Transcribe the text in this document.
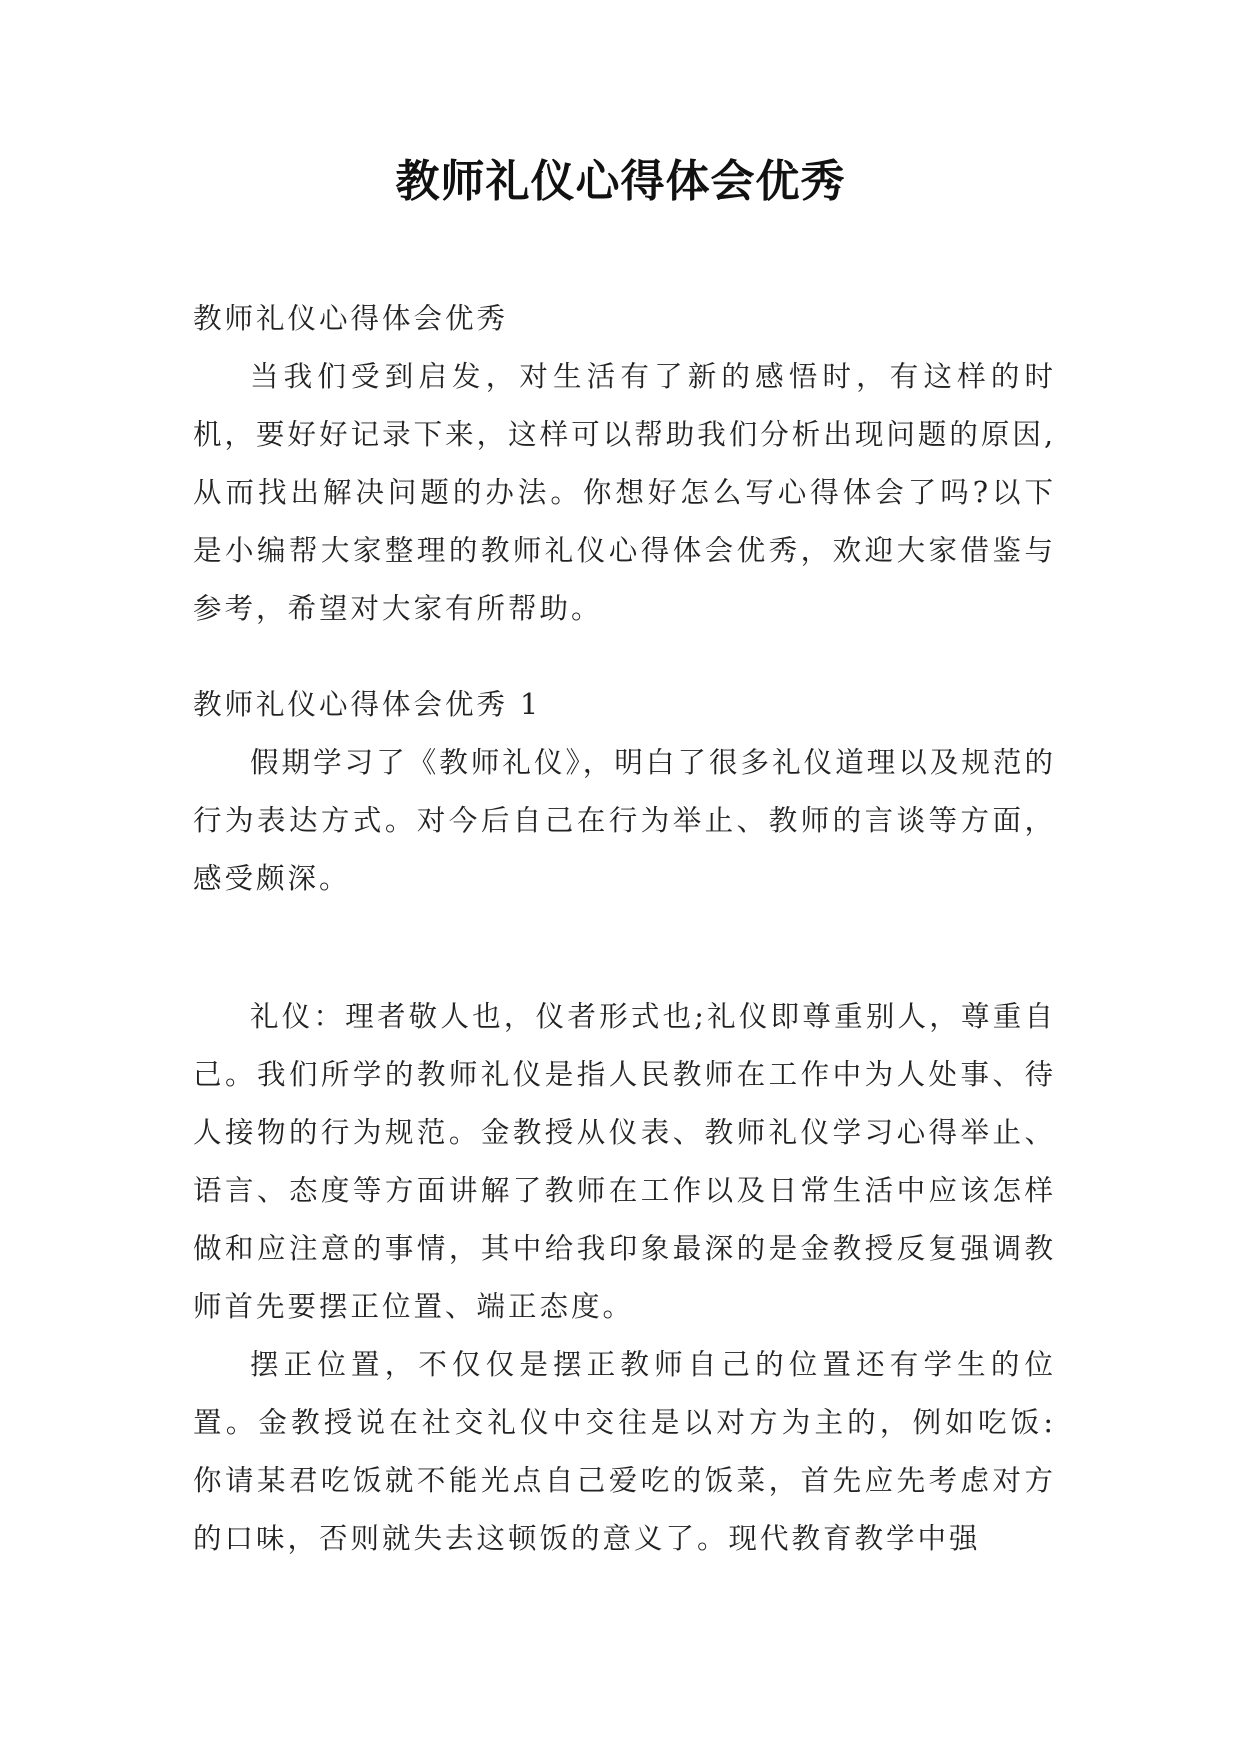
教师礼仪心得体会优秀

教师礼仪心得体会优秀

当我们受到启发，对生活有了新的感悟时，有这样的时机，要好好记录下来，这样可以帮助我们分析出现问题的原因,从而找出解决问题的办法。你想好怎么写心得体会了吗?以下是小编帮大家整理的教师礼仪心得体会优秀，欢迎大家借鉴与参考，希望对大家有所帮助。

教师礼仪心得体会优秀 1

假期学习了《教师礼仪》，明白了很多礼仪道理以及规范的行为表达方式。对今后自己在行为举止、教师的言谈等方面，感受颇深。

礼仪：理者敬人也，仪者形式也;礼仪即尊重别人，尊重自己。我们所学的教师礼仪是指人民教师在工作中为人处事、待人接物的行为规范。金教授从仪表、教师礼仪学习心得举止、语言、态度等方面讲解了教师在工作以及日常生活中应该怎样做和应注意的事情，其中给我印象最深的是金教授反复强调教师首先要摆正位置、端正态度。

摆正位置，不仅仅是摆正教师自己的位置还有学生的位置。金教授说在社交礼仪中交往是以对方为主的，例如吃饭:你请某君吃饭就不能光点自己爱吃的饭菜，首先应先考虑对方的口味，否则就失去这顿饭的意义了。现代教育教学中强
